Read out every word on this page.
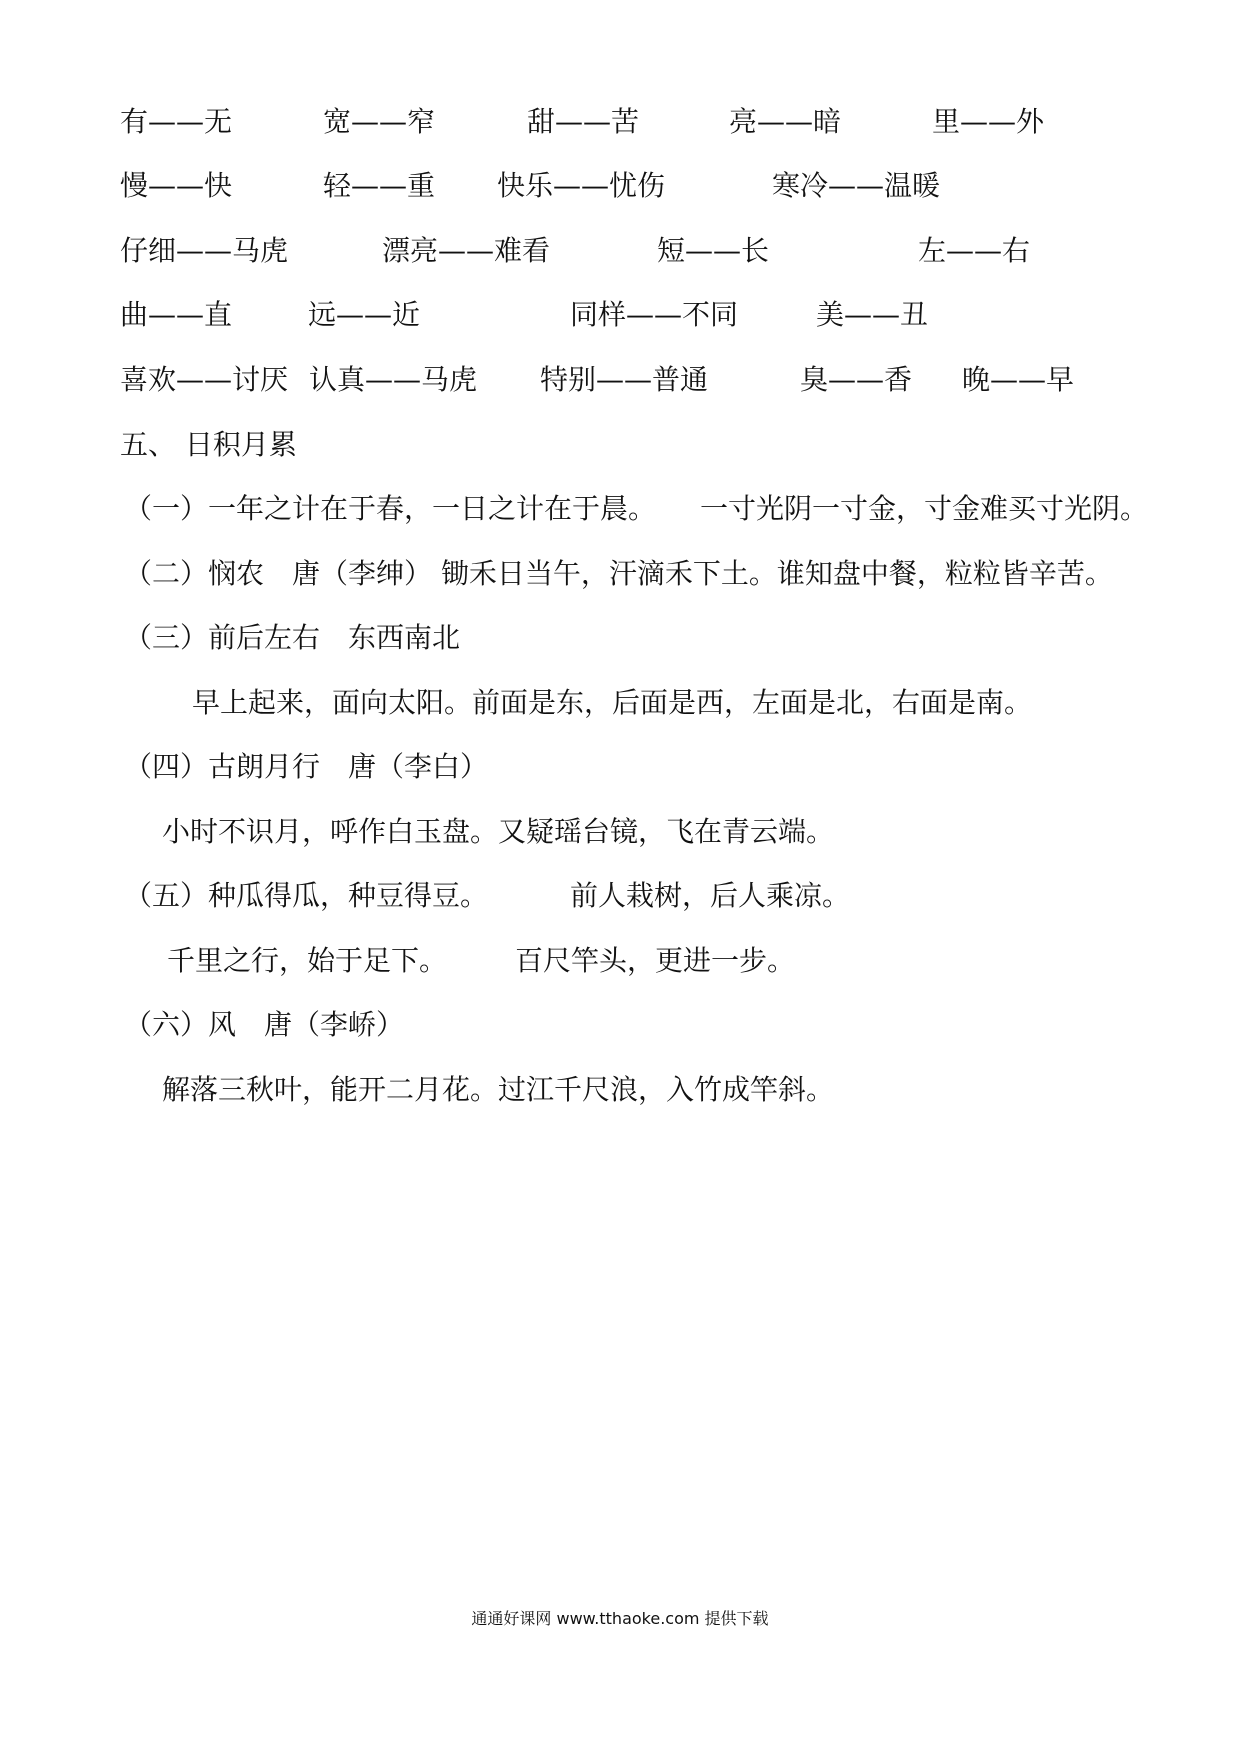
有——无	宽——窄	甜——苦	亮——暗	里——外
慢——快	轻——重 快乐——忧伤	寒冷——温暖
仔细——马虎	漂亮——难看	短——长	左——右
曲——直	远——近	同样——不同	美——丑
喜欢——讨厌 认真——马虎 特别——普通	臭——香 晚——早
五、 日积月累
（一）一年之计在于春，一日之计在于晨。 一寸光阴一寸金，寸金难买寸光阴。
（二）悯农　唐（李绅） 锄禾日当午，汗滴禾下土。谁知盘中餐，粒粒皆辛苦。
（三）前后左右　东西南北
早上起来，面向太阳。前面是东，后面是西，左面是北，右面是南。
（四）古朗月行　唐（李白）
小时不识月，呼作白玉盘。又疑瑶台镜，飞在青云端。
（五）种瓜得瓜，种豆得豆。	前人栽树，后人乘凉。
千里之行，始于足下。 百尺竿头，更进一步。
（六）风　唐（李峤）
解落三秋叶，能开二月花。过江千尺浪，入竹成竿斜。
通通好课网 www.tthaoke.com 提供下载
